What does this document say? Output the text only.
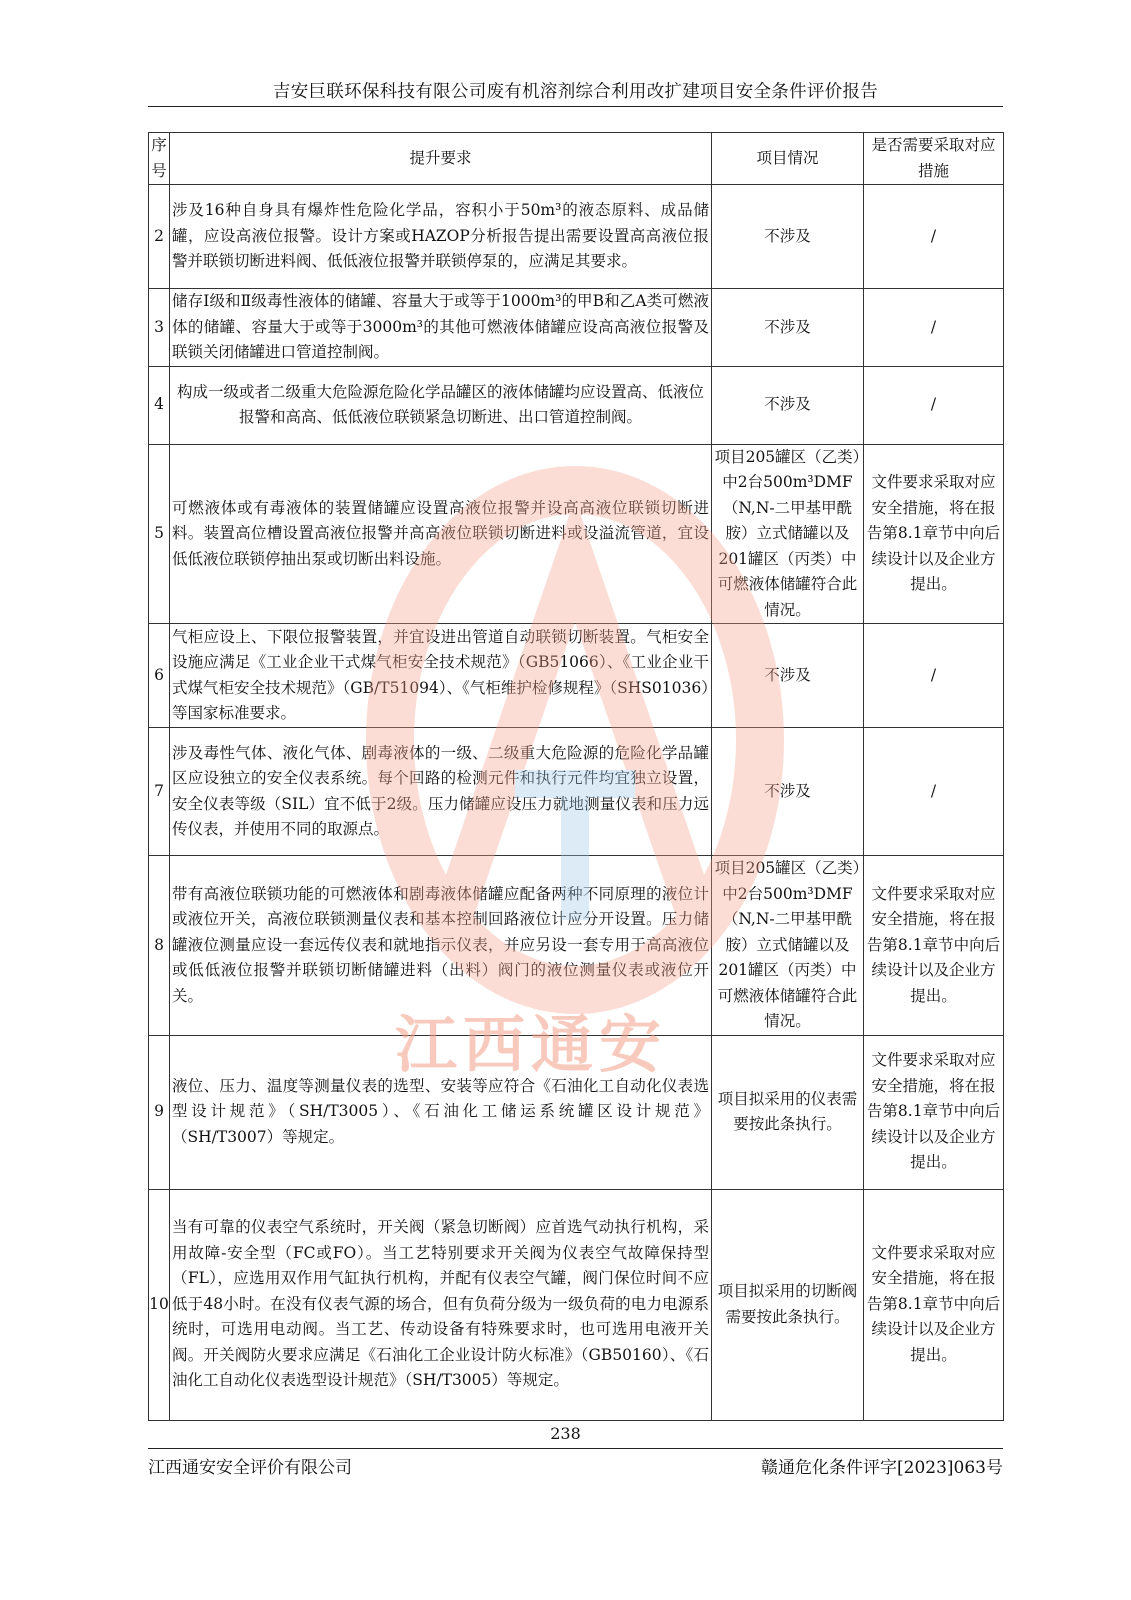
吉安巨联环保科技有限公司废有机溶剂综合利用改扩建项目安全条件评价报告
序号	提升要求	项目情况	是否需要采取对应措施
2	涉及16种自身具有爆炸性危险化学品，容积小于50m³的液态原料、成品储罐，应设高液位报警。设计方案或HAZOP分析报告提出需要设置高高液位报警并联锁切断进料阀、低低液位报警并联锁停泵的，应满足其要求。	不涉及	/
3	储存Ⅰ级和Ⅱ级毒性液体的储罐、容量大于或等于1000m³的甲B和乙A类可燃液体的储罐、容量大于或等于3000m³的其他可燃液体储罐应设高高液位报警及联锁关闭储罐进口管道控制阀。	不涉及	/
4	构成一级或者二级重大危险源危险化学品罐区的液体储罐均应设置高、低液位报警和高高、低低液位联锁紧急切断进、出口管道控制阀。	不涉及	/
5	可燃液体或有毒液体的装置储罐应设置高液位报警并设高高液位联锁切断进料。装置高位槽设置高液位报警并高高液位联锁切断进料或设溢流管道，宜设低低液位联锁停抽出泵或切断出料设施。	项目205罐区（乙类）中2台500m³DMF（N,N-二甲基甲酰胺）立式储罐以及201罐区（丙类）中可燃液体储罐符合此情况。	文件要求采取对应安全措施，将在报告第8.1章节中向后续设计以及企业方提出。
6	气柜应设上、下限位报警装置，并宜设进出管道自动联锁切断装置。气柜安全设施应满足《工业企业干式煤气柜安全技术规范》（GB51066）、《工业企业干式煤气柜安全技术规范》（GB/T51094）、《气柜维护检修规程》（SHS01036）等国家标准要求。	不涉及	/
7	涉及毒性气体、液化气体、剧毒液体的一级、二级重大危险源的危险化学品罐区应设独立的安全仪表系统。每个回路的检测元件和执行元件均宜独立设置，安全仪表等级（SIL）宜不低于2级。压力储罐应设压力就地测量仪表和压力远传仪表，并使用不同的取源点。	不涉及	/
8	带有高液位联锁功能的可燃液体和剧毒液体储罐应配备两种不同原理的液位计或液位开关，高液位联锁测量仪表和基本控制回路液位计应分开设置。压力储罐液位测量应设一套远传仪表和就地指示仪表，并应另设一套专用于高高液位或低低液位报警并联锁切断储罐进料（出料）阀门的液位测量仪表或液位开关。	项目205罐区（乙类）中2台500m³DMF（N,N-二甲基甲酰胺）立式储罐以及201罐区（丙类）中可燃液体储罐符合此情况。	文件要求采取对应安全措施，将在报告第8.1章节中向后续设计以及企业方提出。
9	液位、压力、温度等测量仪表的选型、安装等应符合《石油化工自动化仪表选型设计规范》（SH/T3005）、《石油化工储运系统罐区设计规范》（SH/T3007）等规定。	项目拟采用的仪表需要按此条执行。	文件要求采取对应安全措施，将在报告第8.1章节中向后续设计以及企业方提出。
10	当有可靠的仪表空气系统时，开关阀（紧急切断阀）应首选气动执行机构，采用故障-安全型（FC或FO）。当工艺特别要求开关阀为仪表空气故障保持型（FL），应选用双作用气缸执行机构，并配有仪表空气罐，阀门保位时间不应低于48小时。在没有仪表气源的场合，但有负荷分级为一级负荷的电力电源系统时，可选用电动阀。当工艺、传动设备有特殊要求时，也可选用电液开关阀。开关阀防火要求应满足《石油化工企业设计防火标准》（GB50160）、《石油化工自动化仪表选型设计规范》（SH/T3005）等规定。	项目拟采用的切断阀需要按此条执行。	文件要求采取对应安全措施，将在报告第8.1章节中向后续设计以及企业方提出。
江西通安
238
江西通安安全评价有限公司	赣通危化条件评字[2023]063号
